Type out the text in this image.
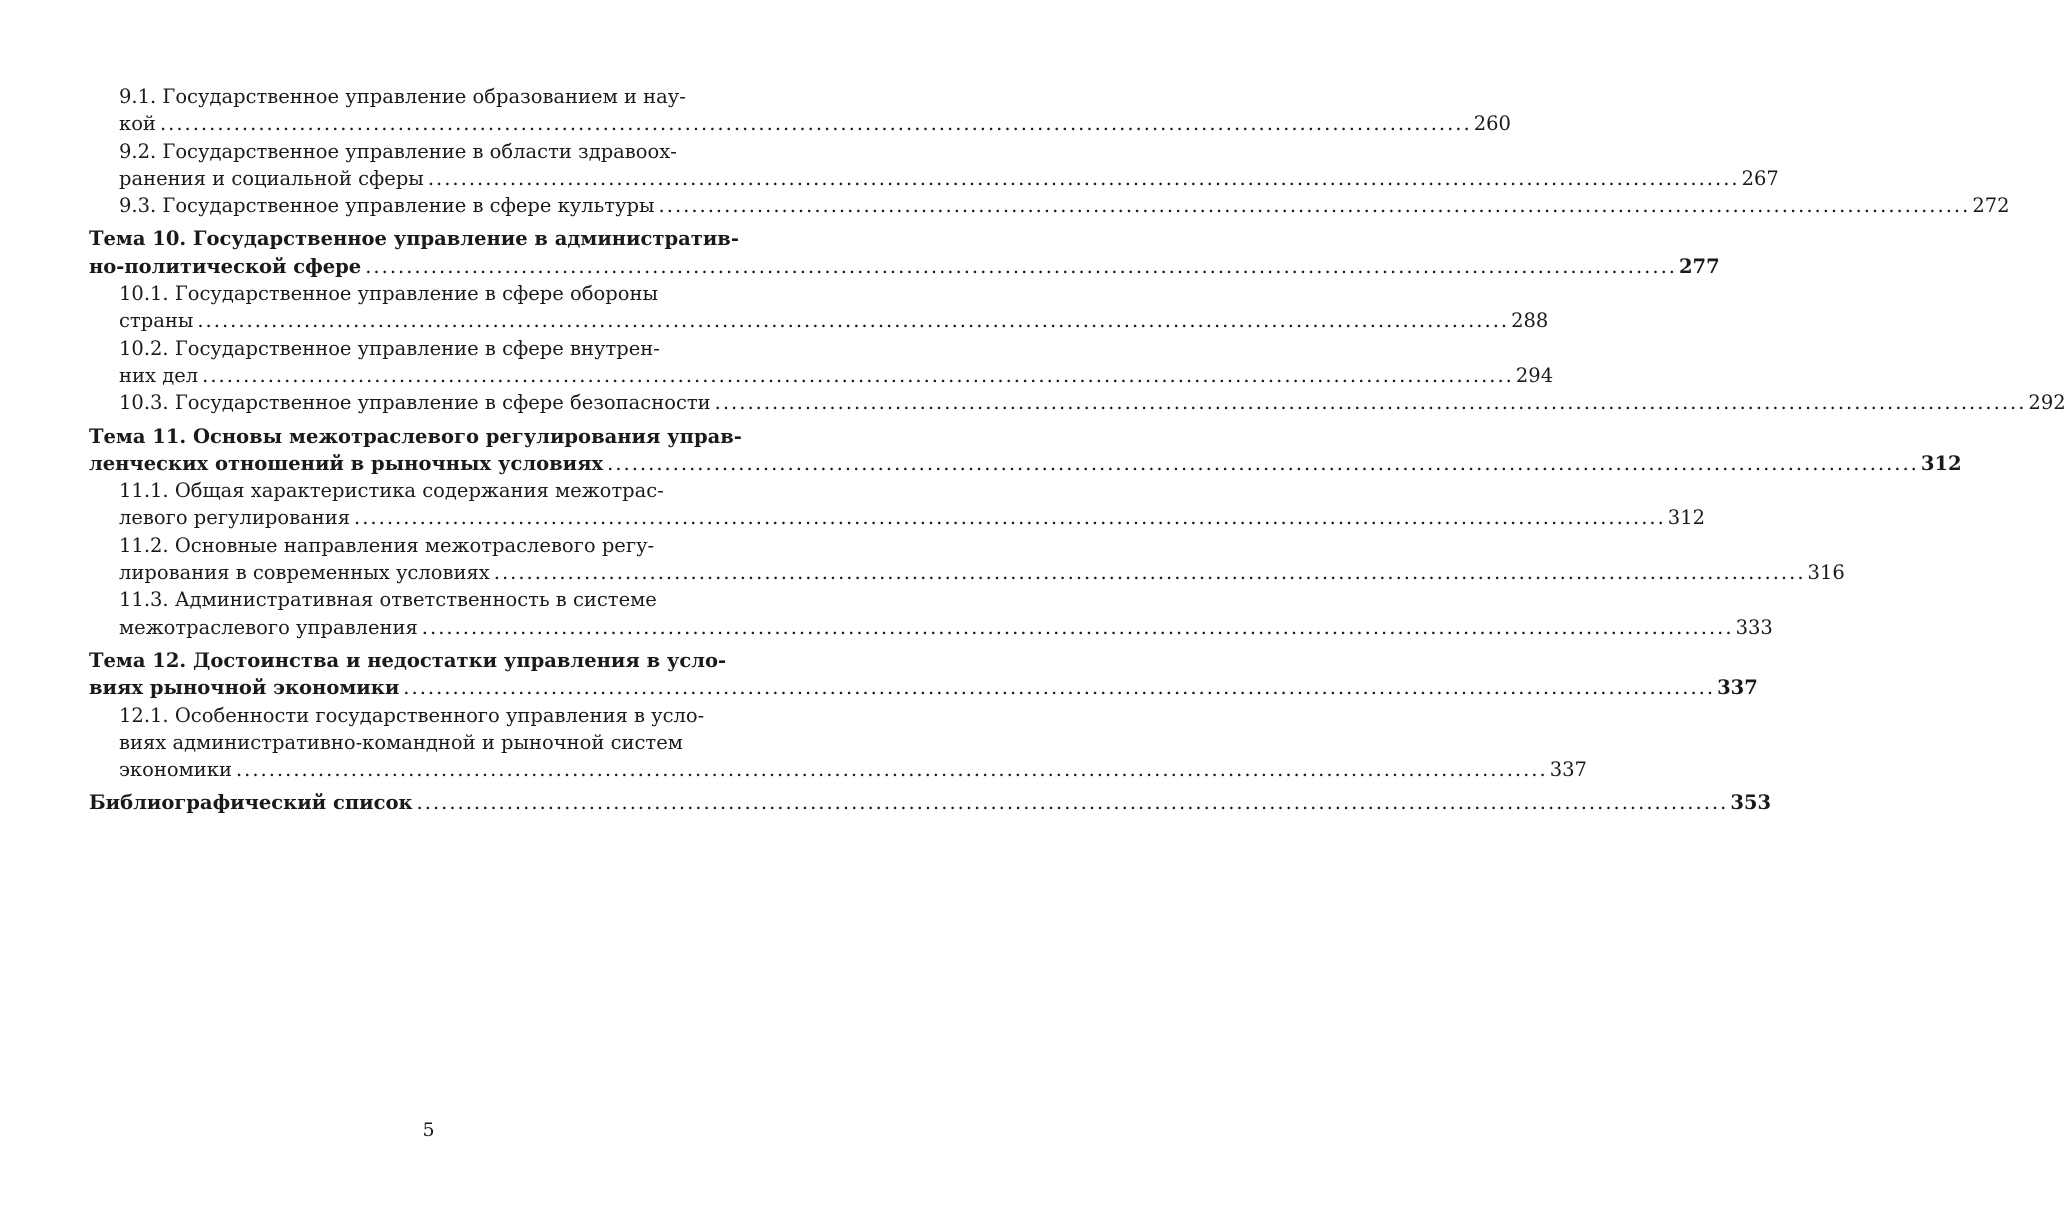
9.1. Государственное управление образованием и нау-
кой .....	260
9.2. Государственное управление в области здравоох-
ранения и социальной сферы .....	267
9.3. Государственное управление в сфере культуры .....	272
Тема 10. Государственное управление в административ-
но-политической сфере .....	277
10.1. Государственное управление в сфере обороны
страны .....	288
10.2. Государственное управление в сфере внутрен-
них дел .....	294
10.3. Государственное управление в сфере безопасности .....	292
Тема 11. Основы межотраслевого регулирования управ-
ленческих отношений в рыночных условиях .....	312
11.1. Общая характеристика содержания межотрас-
левого регулирования .....	312
11.2. Основные направления межотраслевого регу-
лирования в современных условиях .....	316
11.3. Административная ответственность в системе
межотраслевого управления .....	333
Тема 12. Достоинства и недостатки управления в усло-
виях рыночной экономики .....	337
12.1. Особенности государственного управления в усло-
виях административно-командной и рыночной систем
экономики .....	337
Библиографический список .....	353
5
